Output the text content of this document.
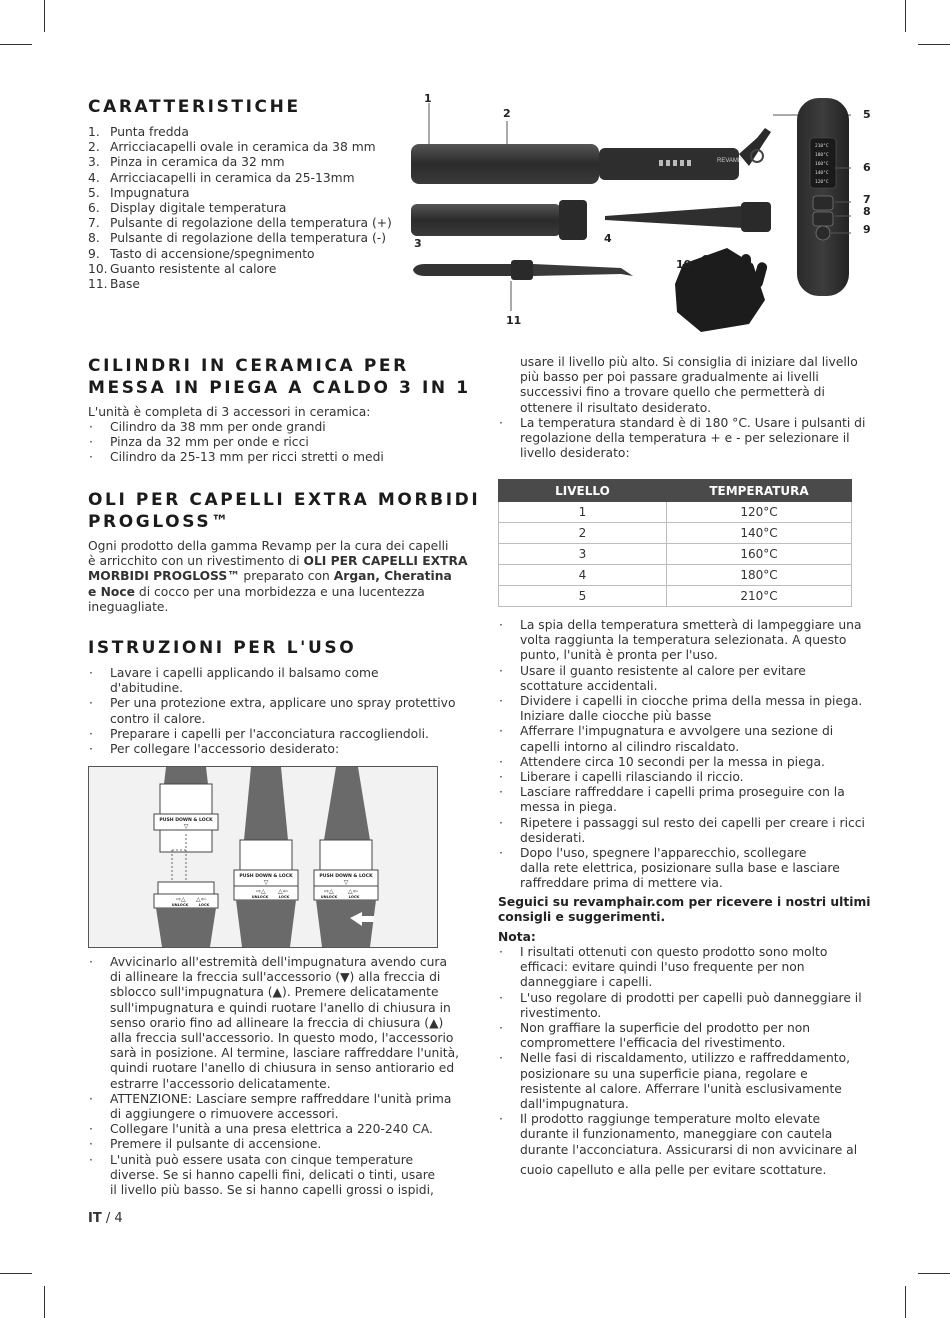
CARATTERISTICHE
1. Punta fredda
2. Arricciacapelli ovale in ceramica da 38 mm
3. Pinza in ceramica da 32 mm
4. Arricciacapelli in ceramica da 25-13mm
5. Impugnatura
6. Display digitale temperatura
7. Pulsante di regolazione della temperatura (+)
8. Pulsante di regolazione della temperatura (-)
9. Tasto di accensione/spegnimento
10. Guanto resistente al calore
11. Base
REVAMP
210°C
180°C
160°C
140°C
120°C
1
2
3	4
5
6
7
8
9
10
11
CILINDRI IN CERAMICA PER
MESSA IN PIEGA A CALDO 3 IN 1

L'unità è completa di 3 accessori in ceramica:

· Cilindro da 38 mm per onde grandi
· Pinza da 32 mm per onde e ricci
· Cilindro da 25-13 mm per ricci stretti o medi
OLI PER CAPELLI EXTRA MORBIDI
PROGLOSS™
Ogni prodotto della gamma Revamp per la cura dei capelli
è arricchito con un rivestimento di OLI PER CAPELLI EXTRA
MORBIDI PROGLOSS™ preparato con Argan, Cheratina
e Noce di cocco per una morbidezza e una lucentezza
ineguagliate.
ISTRUZIONI PER L'USO
· Lavare i capelli applicando il balsamo come
d'abitudine.
· Per una protezione extra, applicare uno spray protettivo
contro il calore.
· Preparare i capelli per l'acconciatura raccogliendoli.
· Per collegare l'accessorio desiderato:
PUSH DOWN & LOCK
▽
⇨△ △⇦
UNLOCK	LOCK
PUSH DOWN & LOCK
▽
⇨△ △⇦
UNLOCK	LOCK
PUSH DOWN & LOCK
▽
⇨△ △⇦
UNLOCK	LOCK
· Avvicinarlo all'estremità dell'impugnatura avendo cura
di allineare la freccia sull'accessorio (▼) alla freccia di
sblocco sull'impugnatura (▲). Premere delicatamente
sull'impugnatura e quindi ruotare l'anello di chiusura in
senso orario fino ad allineare la freccia di chiusura (▲)
alla freccia sull'accessorio. In questo modo, l'accessorio
sarà in posizione. Al termine, lasciare raffreddare l'unità,
quindi ruotare l'anello di chiusura in senso antiorario ed
estrarre l'accessorio delicatamente.
· ATTENZIONE: Lasciare sempre raffreddare l'unità prima
di aggiungere o rimuovere accessori.
· Collegare l'unità a una presa elettrica a 220-240 CA.
· Premere il pulsante di accensione.
· L'unità può essere usata con cinque temperature
diverse. Se si hanno capelli fini, delicati o tinti, usare
il livello più basso. Se si hanno capelli grossi o ispidi,
usare il livello più alto. Si consiglia di iniziare dal livello
più basso per poi passare gradualmente ai livelli
successivi fino a trovare quello che permetterà di
ottenere il risultato desiderato.
· La temperatura standard è di 180 °C. Usare i pulsanti di
regolazione della temperatura + e - per selezionare il
livello desiderato:
LIVELLO	TEMPERATURA
1	120°C
2	140°C
3	160°C
4	180°C
5	210°C
· La spia della temperatura smetterà di lampeggiare una
volta raggiunta la temperatura selezionata. A questo
punto, l'unità è pronta per l'uso.
· Usare il guanto resistente al calore per evitare
scottature accidentali.
· Dividere i capelli in ciocche prima della messa in piega.
Iniziare dalle ciocche più basse
· Afferrare l'impugnatura e avvolgere una sezione di
capelli intorno al cilindro riscaldato.
· Attendere circa 10 secondi per la messa in piega.
· Liberare i capelli rilasciando il riccio.
· Lasciare raffreddare i capelli prima proseguire con la
messa in piega.
· Ripetere i passaggi sul resto dei capelli per creare i ricci
desiderati.
· Dopo l'uso, spegnere l'apparecchio, scollegare
dalla rete elettrica, posizionare sulla base e lasciare
raffreddare prima di mettere via.
Seguici su revamphair.com per ricevere i nostri ultimi
consigli e suggerimenti.
Nota:
· I risultati ottenuti con questo prodotto sono molto
efficaci: evitare quindi l'uso frequente per non
danneggiare i capelli.
· L'uso regolare di prodotti per capelli può danneggiare il
rivestimento.
· Non graffiare la superficie del prodotto per non
compromettere l'efficacia del rivestimento.
· Nelle fasi di riscaldamento, utilizzo e raffreddamento,
posizionare su una superficie piana, regolare e
resistente al calore. Afferrare l'unità esclusivamente
dall'impugnatura.
· Il prodotto raggiunge temperature molto elevate
durante il funzionamento, maneggiare con cautela
durante l'acconciatura. Assicurarsi di non avvicinare al

cuoio capelluto e alla pelle per evitare scottature.

IT / 4
